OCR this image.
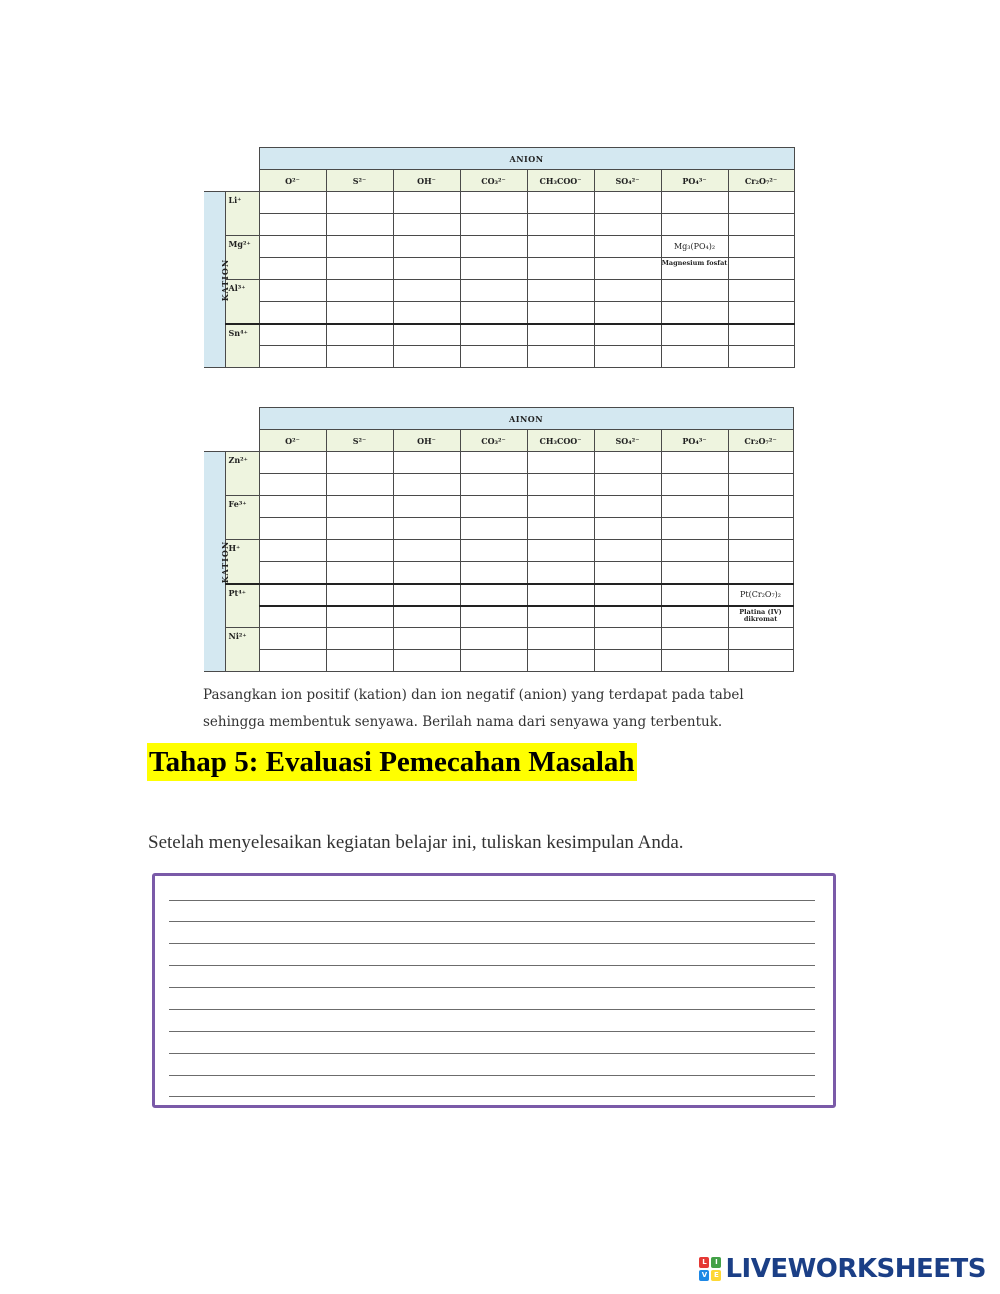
		ANION							
		O²⁻	S²⁻	OH⁻	CO₃²⁻	CH₃COO⁻	SO₄²⁻	PO₄³⁻	Cr₂O₇²⁻
KATION	Li⁺								

	Mg²⁺							Mg₃(PO₄)₂	
								Magnesium fosfat	
	Al³⁺								

	Sn⁴⁺								

		AINON							
		O²⁻	S²⁻	OH⁻	CO₃²⁻	CH₃COO⁻	SO₄²⁻	PO₄³⁻	Cr₂O₇²⁻
KATION	Zn²⁺								

	Fe³⁺								

	H⁺								

	Pt⁴⁺								Pt(Cr₂O₇)₂
									Platina (IV) dikromat
	Ni²⁺								

Pasangkan ion positif (kation) dan ion negatif (anion) yang terdapat pada tabel sehingga membentuk senyawa. Berilah nama dari senyawa yang terbentuk.
Tahap 5: Evaluasi Pemecahan Masalah
Setelah menyelesaikan kegiatan belajar ini, tuliskan kesimpulan Anda.
L	I
V E LIVEWORKSHEETS
